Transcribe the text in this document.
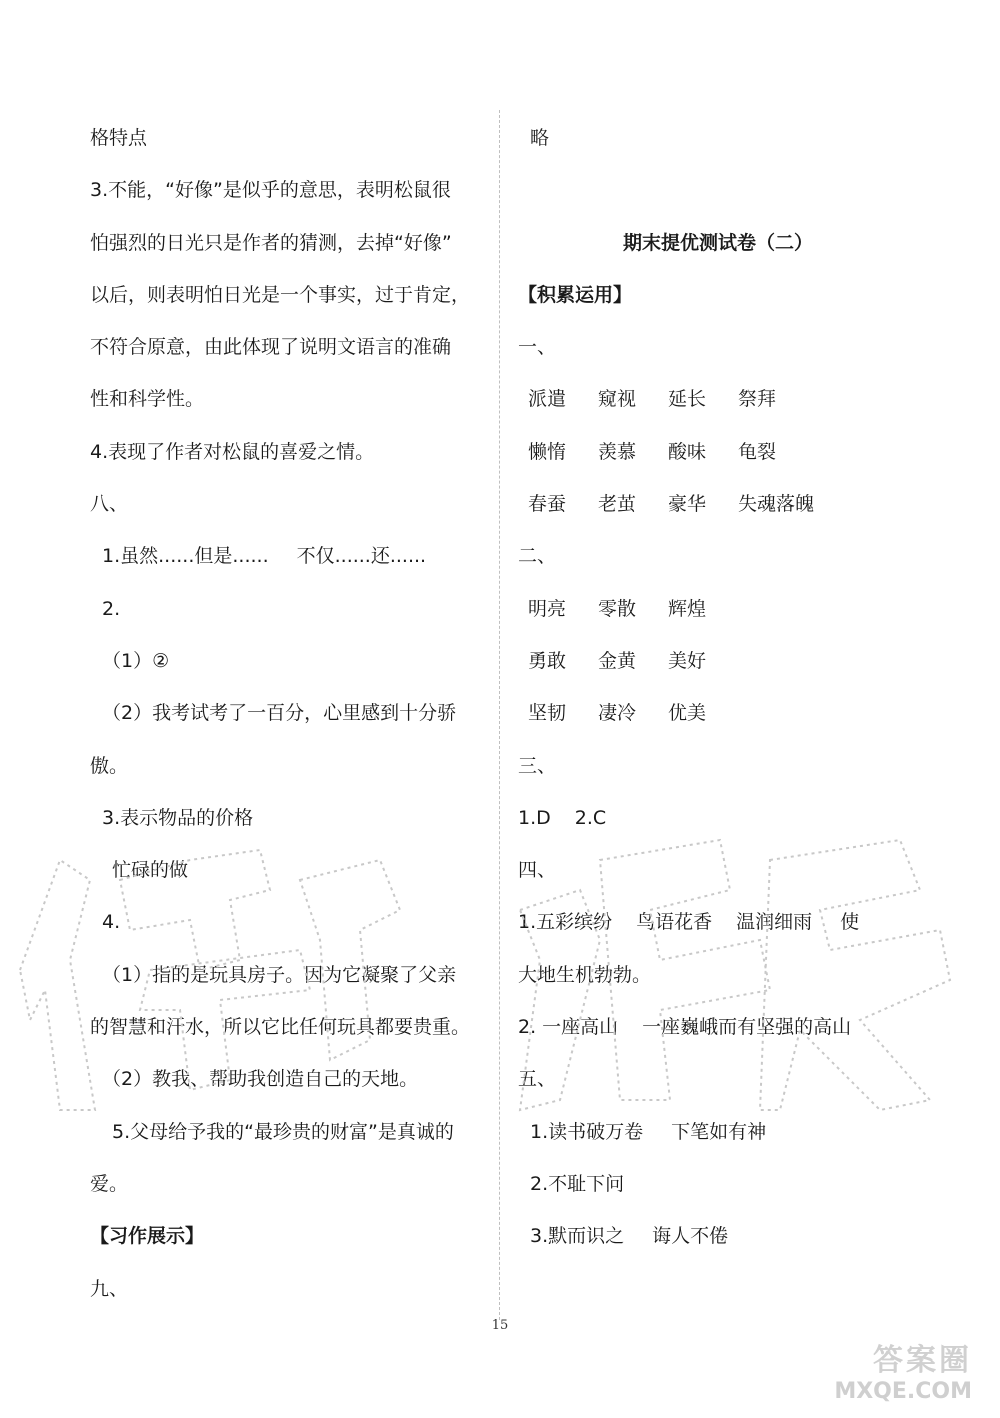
格特点
3.不能，“好像”是似乎的意思，表明松鼠很
怕强烈的日光只是作者的猜测，去掉“好像”
以后，则表明怕日光是一个事实，过于肯定，
不符合原意，由此体现了说明文语言的准确
性和科学性。
4.表现了作者对松鼠的喜爱之情。
八、
1.虽然......但是...... 不仅......还......
2.
（1）②
（2）我考试考了一百分，心里感到十分骄
傲。
3.表示物品的价格
忙碌的做
4.
（1）指的是玩具房子。因为它凝聚了父亲
的智慧和汗水，所以它比任何玩具都要贵重。
（2）教我、帮助我创造自己的天地。
5.父母给予我的“最珍贵的财富”是真诚的
爱。
【习作展示】
九、
略
期末提优测试卷（二）
【积累运用】
一、
派遣	窥视	延长	祭拜
懒惰	羡慕	酸味	龟裂
春蚕	老茧	豪华	失魂落魄
二、
明亮	零散	辉煌
勇敢	金黄	美好
坚韧	凄冷	优美
三、
1.D 2.C
四、
1.五彩缤纷 鸟语花香 温润细雨 使
大地生机勃勃。
2. 一座高山 一座巍峨而有坚强的高山
五、
1.读书破万卷 下笔如有神
2.不耻下问
3.默而识之 诲人不倦
15
答案圈
MXQE.COM
